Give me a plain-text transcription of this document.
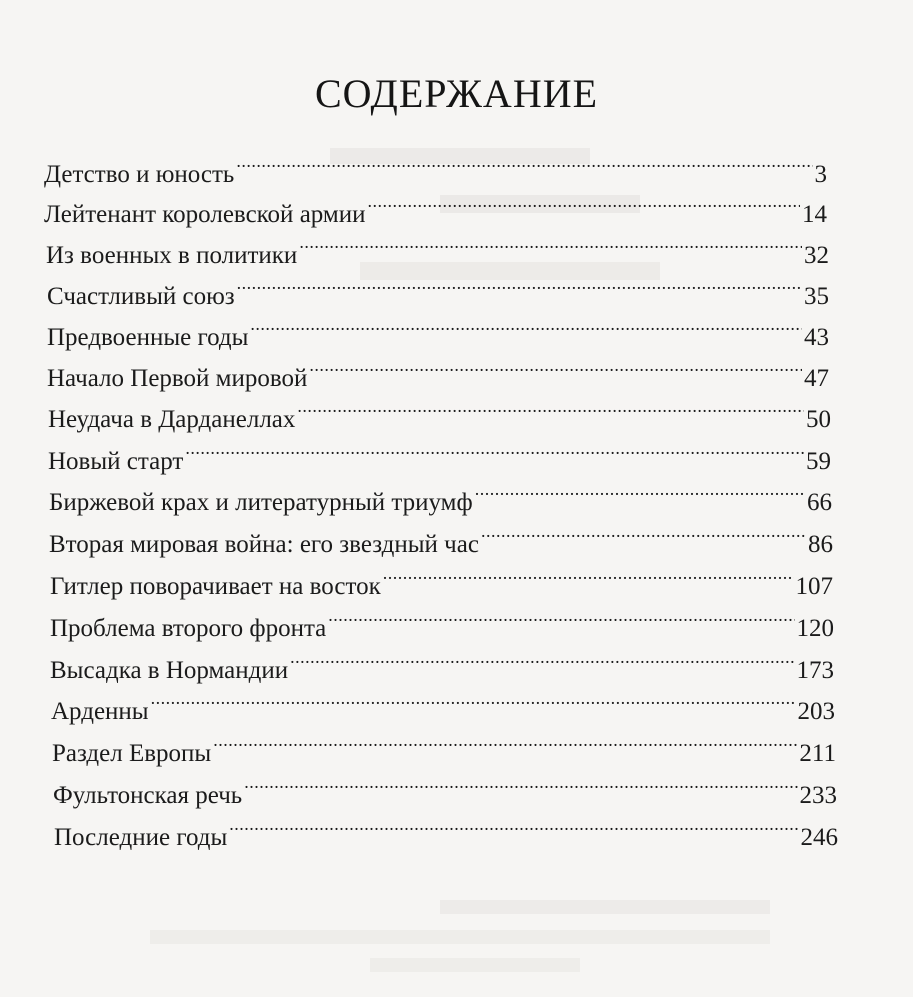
СОДЕРЖАНИЕ
Детство и юность .....	3
Лейтенант королевской армии .....	14
Из военных в политики .....	32
Счастливый союз .....	35
Предвоенные годы .....	43
Начало Первой мировой .....	47
Неудача в Дарданеллах .....	50
Новый старт .....	59
Биржевой крах и литературный триумф .....	66
Вторая мировая война: его звездный час .....	86
Гитлер поворачивает на восток .....	107
Проблема второго фронта .....	120
Высадка в Нормандии .....	173
Арденны .....	203
Раздел Европы .....	211
Фультонская речь .....	233
Последние годы .....	246
